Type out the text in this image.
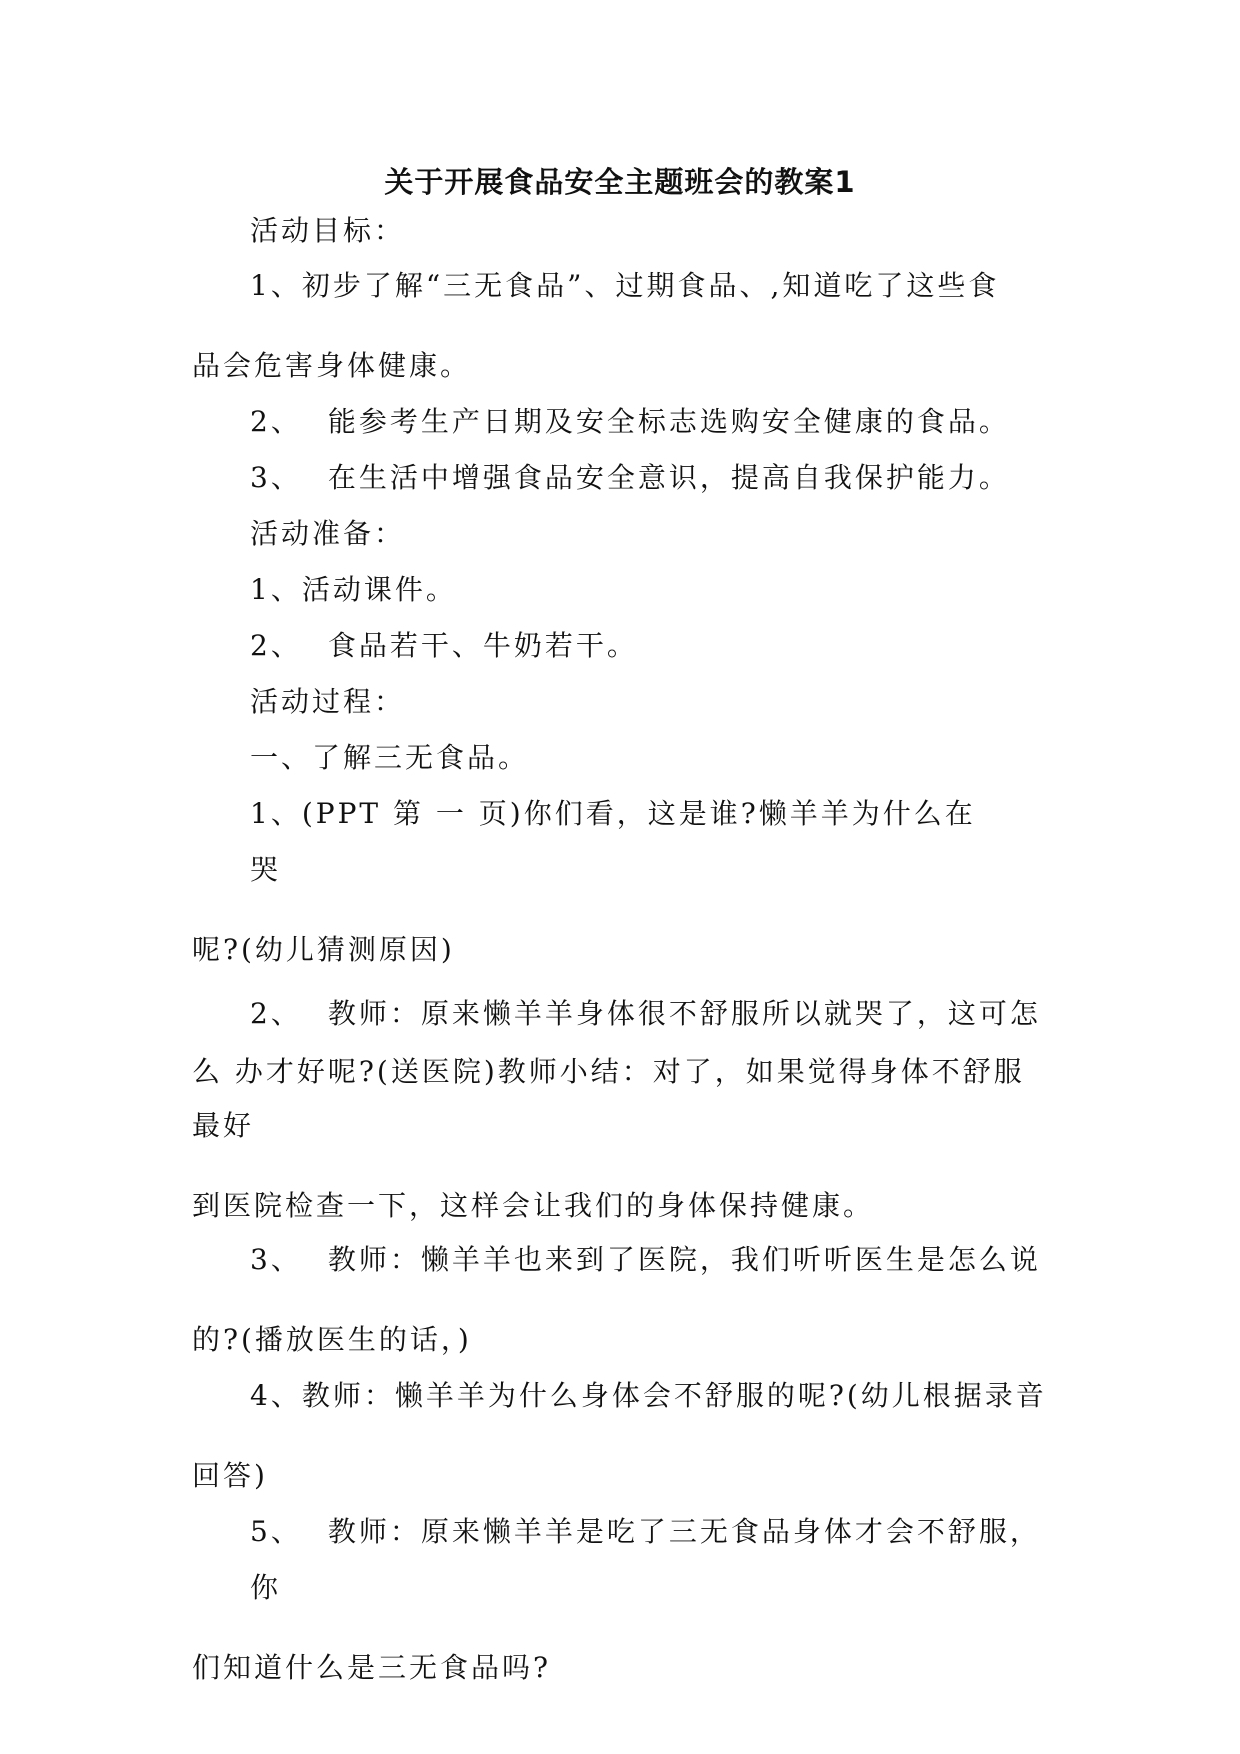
关于开展食品安全主题班会的教案1
活动目标：
1、初步了解“三无食品”、过期食品、,知道吃了这些食
品会危害身体健康。
2、 能参考生产日期及安全标志选购安全健康的食品。
3、 在生活中增强食品安全意识，提高自我保护能力。
活动准备：
1、活动课件。
2、 食品若干、牛奶若干。
活动过程：
一、了解三无食品。
1、(PPT 第 一 页)你们看，这是谁?懒羊羊为什么在
哭
呢?(幼儿猜测原因)
2、 教师：原来懒羊羊身体很不舒服所以就哭了，这可怎
么 办才好呢?(送医院)教师小结：对了，如果觉得身体不舒服
最好
到医院检查一下，这样会让我们的身体保持健康。
3、 教师：懒羊羊也来到了医院，我们听听医生是怎么说
的?(播放医生的话，)
4、教师：懒羊羊为什么身体会不舒服的呢?(幼儿根据录音
回答)
5、 教师：原来懒羊羊是吃了三无食品身体才会不舒服，
你
们知道什么是三无食品吗?
